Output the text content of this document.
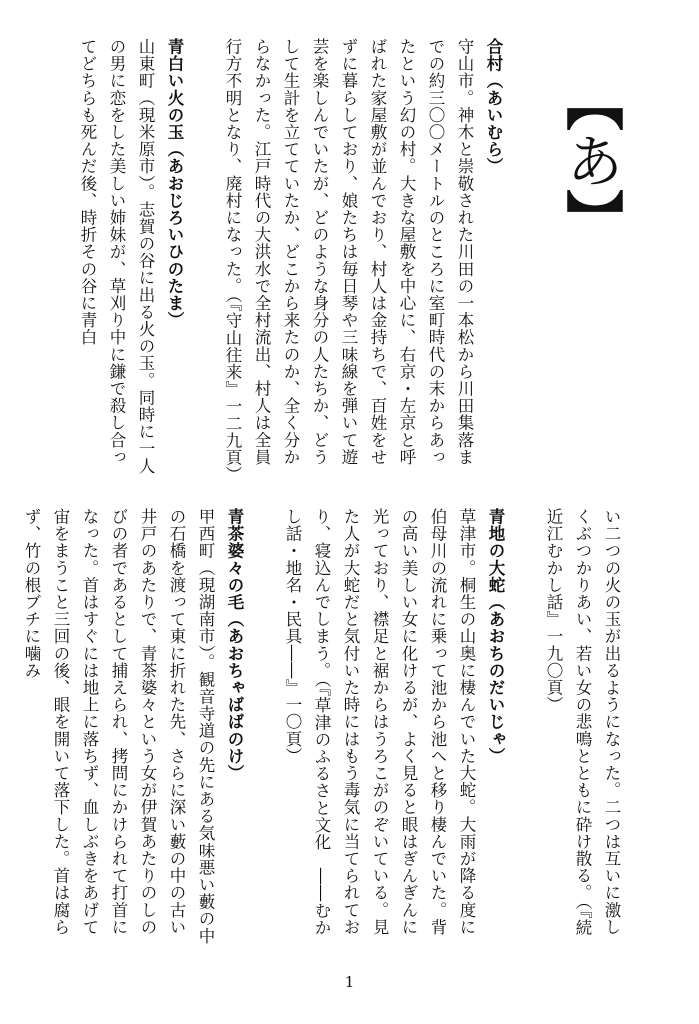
【
あ
】

合村（あいむら）

守山市。神木と崇敬された川田の一本松から川田集落までの約三〇〇メートルのところに室町時代の末からあったという幻の村。大きな屋敷を中心に、右京・左京と呼ばれた家屋敷が並んでおり、村人は金持ちで、百姓をせずに暮らしており、娘たちは毎日琴や三味線を弾いて遊芸を楽しんでいたが、どのような身分の人たちか、どうして生計を立てていたか、どこから来たのか、全く分からなかった。江戸時代の大洪水で全村流出、村人は全員行方不明となり、廃村になった。（『守山往来』一二九頁）

青白い火の玉（あおじろいひのたま）

山東町（現米原市）。志賀の谷に出る火の玉。同時に一人の男に恋をした美しい姉妹が、草刈り中に鎌で殺し合ってどちらも死んだ後、時折その谷に青白

い二つの火の玉が出るようになった。二つは互いに激しくぶつかりあい、若い女の悲鳴とともに砕け散る。（『続　近江むかし話』一九〇頁）

青地の大蛇（あおちのだいじゃ）

草津市。桐生の山奥に棲んでいた大蛇。大雨が降る度に伯母川の流れに乗って池から池へと移り棲んでいた。背の高い美しい女に化けるが、よく見ると眼はぎんぎんに光っており、襟足と裾からはうろこがのぞいている。見た人が大蛇だと気付いた時にはもう毒気に当てられており、寝込んでしまう。（『草津のふるさと文化　――むかし話・地名・民具――』一〇頁）

青茶婆々の毛（あおちゃばばのけ）

甲西町（現湖南市）。観音寺道の先にある気味悪い藪の中の石橋を渡って東に折れた先、さらに深い藪の中の古い井戸のあたりで、青茶婆々という女が伊賀あたりのしのびの者であるとして捕えられ、拷問にかけられて打首になった。首はすぐには地上に落ちず、血しぶきをあげて宙をまうこと三回の後、眼を開いて落下した。首は腐らず、竹の根ブチに噛み

1
